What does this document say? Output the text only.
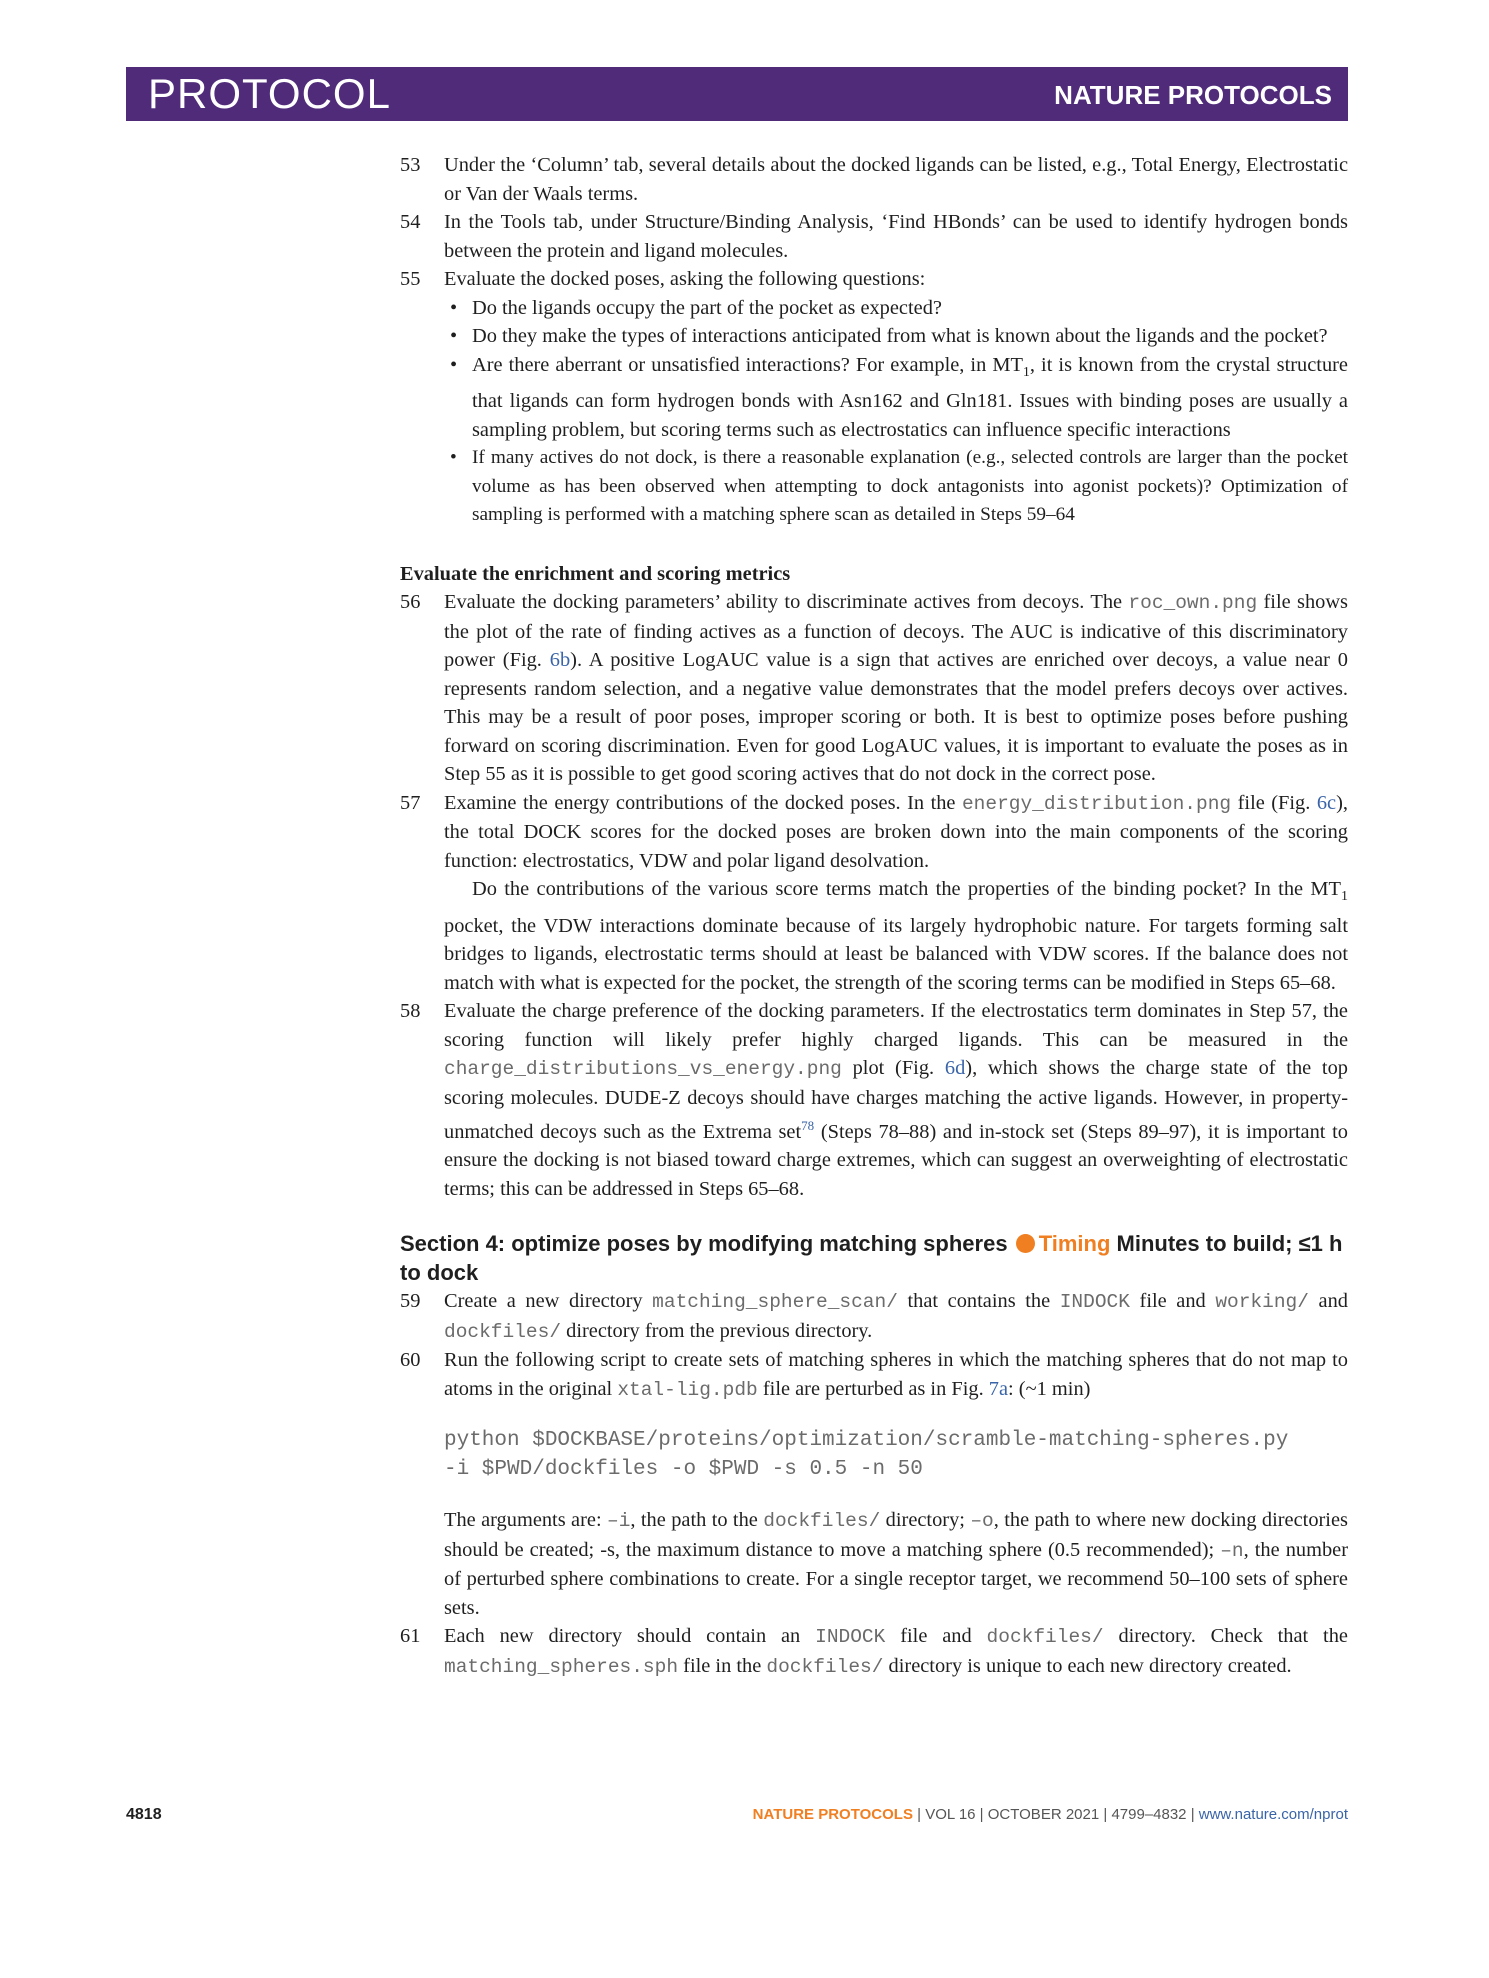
PROTOCOL	NATURE PROTOCOLS
53 Under the ‘Column’ tab, several details about the docked ligands can be listed, e.g., Total Energy, Electrostatic or Van der Waals terms.
54 In the Tools tab, under Structure/Binding Analysis, ‘Find HBonds’ can be used to identify hydrogen bonds between the protein and ligand molecules.
55 Evaluate the docked poses, asking the following questions:
• Do the ligands occupy the part of the pocket as expected?
• Do they make the types of interactions anticipated from what is known about the ligands and the pocket?
• Are there aberrant or unsatisfied interactions? For example, in $MT_1$, it is known from the crystal structure that ligands can form hydrogen bonds with Asn162 and Gln181. Issues with binding poses are usually a sampling problem, but scoring terms such as electrostatics can influence specific interactions
• If many actives do not dock, is there a reasonable explanation (e.g., selected controls are larger than the pocket volume as has been observed when attempting to dock antagonists into agonist pockets)? Optimization of sampling is performed with a matching sphere scan as detailed in Steps 59–64
Evaluate the enrichment and scoring metrics
56 Evaluate the docking parameters’ ability to discriminate actives from decoys. The roc_own.png file shows the plot of the rate of finding actives as a function of decoys. The AUC is indicative of this discriminatory power (Fig. 6b). A positive LogAUC value is a sign that actives are enriched over decoys, a value near 0 represents random selection, and a negative value demonstrates that the model prefers decoys over actives. This may be a result of poor poses, improper scoring or both. It is best to optimize poses before pushing forward on scoring discrimination. Even for good LogAUC values, it is important to evaluate the poses as in Step 55 as it is possible to get good scoring actives that do not dock in the correct pose.
57 Examine the energy contributions of the docked poses. In the energy_distribution.png file (Fig. 6c), the total DOCK scores for the docked poses are broken down into the main components of the scoring function: electrostatics, VDW and polar ligand desolvation.
Do the contributions of the various score terms match the properties of the binding pocket? In the $MT_1$ pocket, the VDW interactions dominate because of its largely hydrophobic nature. For targets forming salt bridges to ligands, electrostatic terms should at least be balanced with VDW scores. If the balance does not match with what is expected for the pocket, the strength of the scoring terms can be modified in Steps 65–68.
58 Evaluate the charge preference of the docking parameters. If the electrostatics term dominates in Step 57, the scoring function will likely prefer highly charged ligands. This can be measured in the charge_distributions_vs_energy.png plot (Fig. 6d), which shows the charge state of the top scoring molecules. DUDE-Z decoys should have charges matching the active ligands. However, in property-unmatched decoys such as the Extrema set$^{78}$ (Steps 78–88) and in-stock set (Steps 89–97), it is important to ensure the docking is not biased toward charge extremes, which can suggest an overweighting of electrostatic terms; this can be addressed in Steps 65–68.
Section 4: optimize poses by modifying matching spheres Timing Minutes to build; ≤1 h to dock
59 Create a new directory matching_sphere_scan/ that contains the INDOCK file and working/ and dockfiles/ directory from the previous directory.
60 Run the following script to create sets of matching spheres in which the matching spheres that do not map to atoms in the original xtal-lig.pdb file are perturbed as in Fig. 7a: (~1 min)
python $DOCKBASE/proteins/optimization/scramble-matching-spheres.py
-i $PWD/dockfiles -o $PWD -s 0.5 -n 50
The arguments are: –i, the path to the dockfiles/ directory; –o, the path to where new docking directories should be created; -s, the maximum distance to move a matching sphere (0.5 recommended); –n, the number of perturbed sphere combinations to create. For a single receptor target, we recommend 50–100 sets of sphere sets.
61 Each new directory should contain an INDOCK file and dockfiles/ directory. Check that the matching_spheres.sph file in the dockfiles/ directory is unique to each new directory created.
4818	NATURE PROTOCOLS | VOL 16 | OCTOBER 2021 | 4799–4832 | www.nature.com/nprot
